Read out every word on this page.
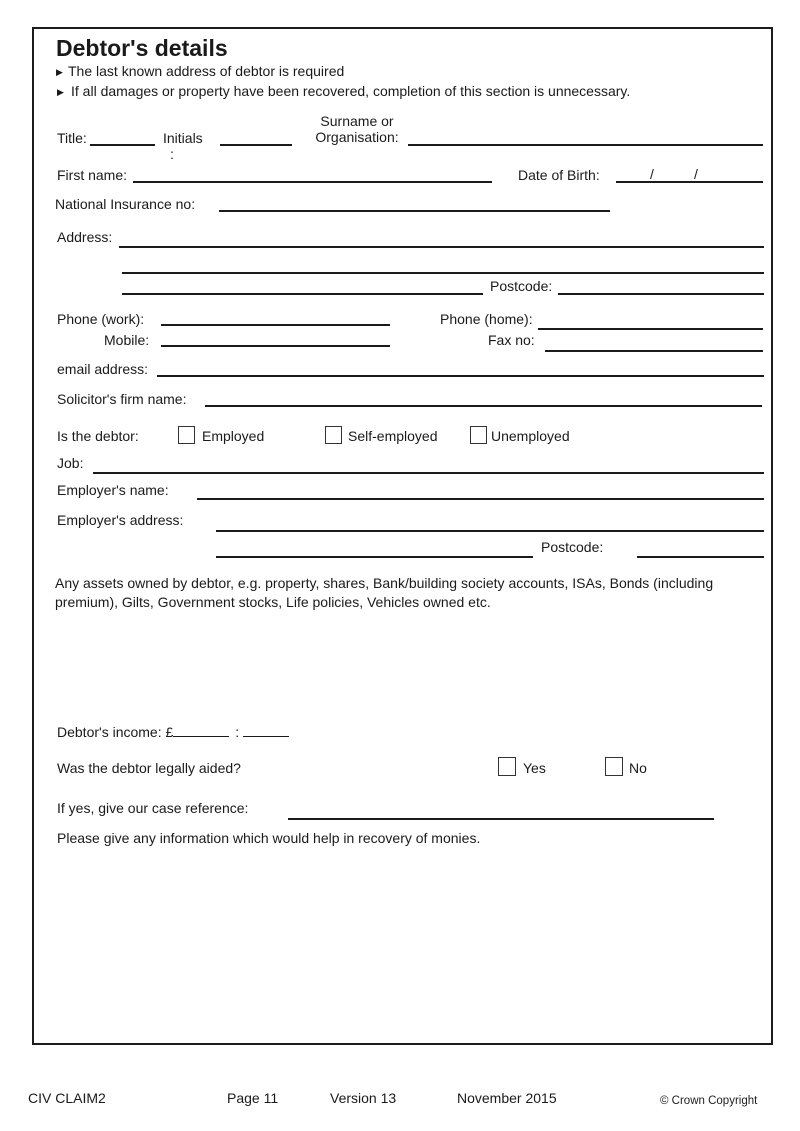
Debtor's details
▶ The last known address of debtor is required
▶ If all damages or property have been recovered, completion of this section is unnecessary.
Title:	Initials
:
Surname or
Organisation:
First name:	Date of Birth:	/	/
National Insurance no:
Address:
Postcode:
Phone (work):	Phone (home):
Mobile:	Fax no:
email address:
Solicitor's firm name:
Is the debtor:	Employed	Self-employed	Unemployed
Job:
Employer's name:
Employer's address:
Postcode:
Any assets owned by debtor, e.g. property, shares, Bank/building society accounts, ISAs, Bonds (including premium), Gilts, Government stocks, Life policies, Vehicles owned etc.
Debtor's income: £	:
Was the debtor legally aided?	Yes	No
If yes, give our case reference:
Please give any information which would help in recovery of monies.
CIV CLAIM2	Page 11	Version 13	November 2015	© Crown Copyright
